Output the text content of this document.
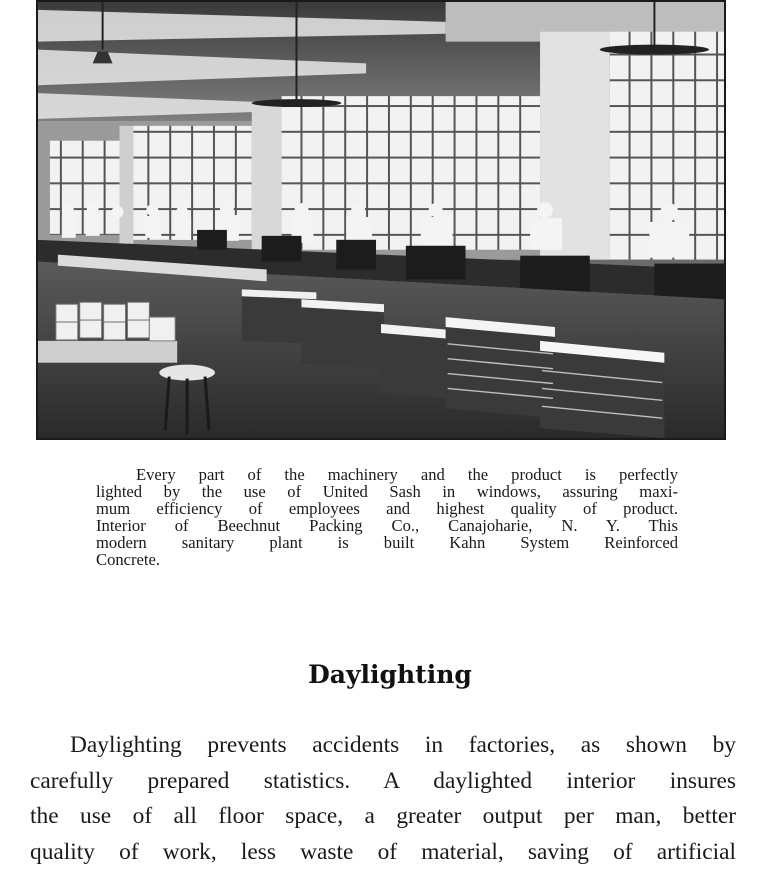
Every part of the machinery and the product is perfectly
lighted by the use of United Sash in windows, assuring maxi-
mum efficiency of employees and highest quality of product.
Interior of Beechnut Packing Co., Canajoharie, N. Y. This
modern sanitary plant is built Kahn System Reinforced
Concrete.
Daylighting
Daylighting prevents accidents in factories, as shown by
carefully prepared statistics. A daylighted interior insures
the use of all floor space, a greater output per man, better
quality of work, less waste of material, saving of artificial
